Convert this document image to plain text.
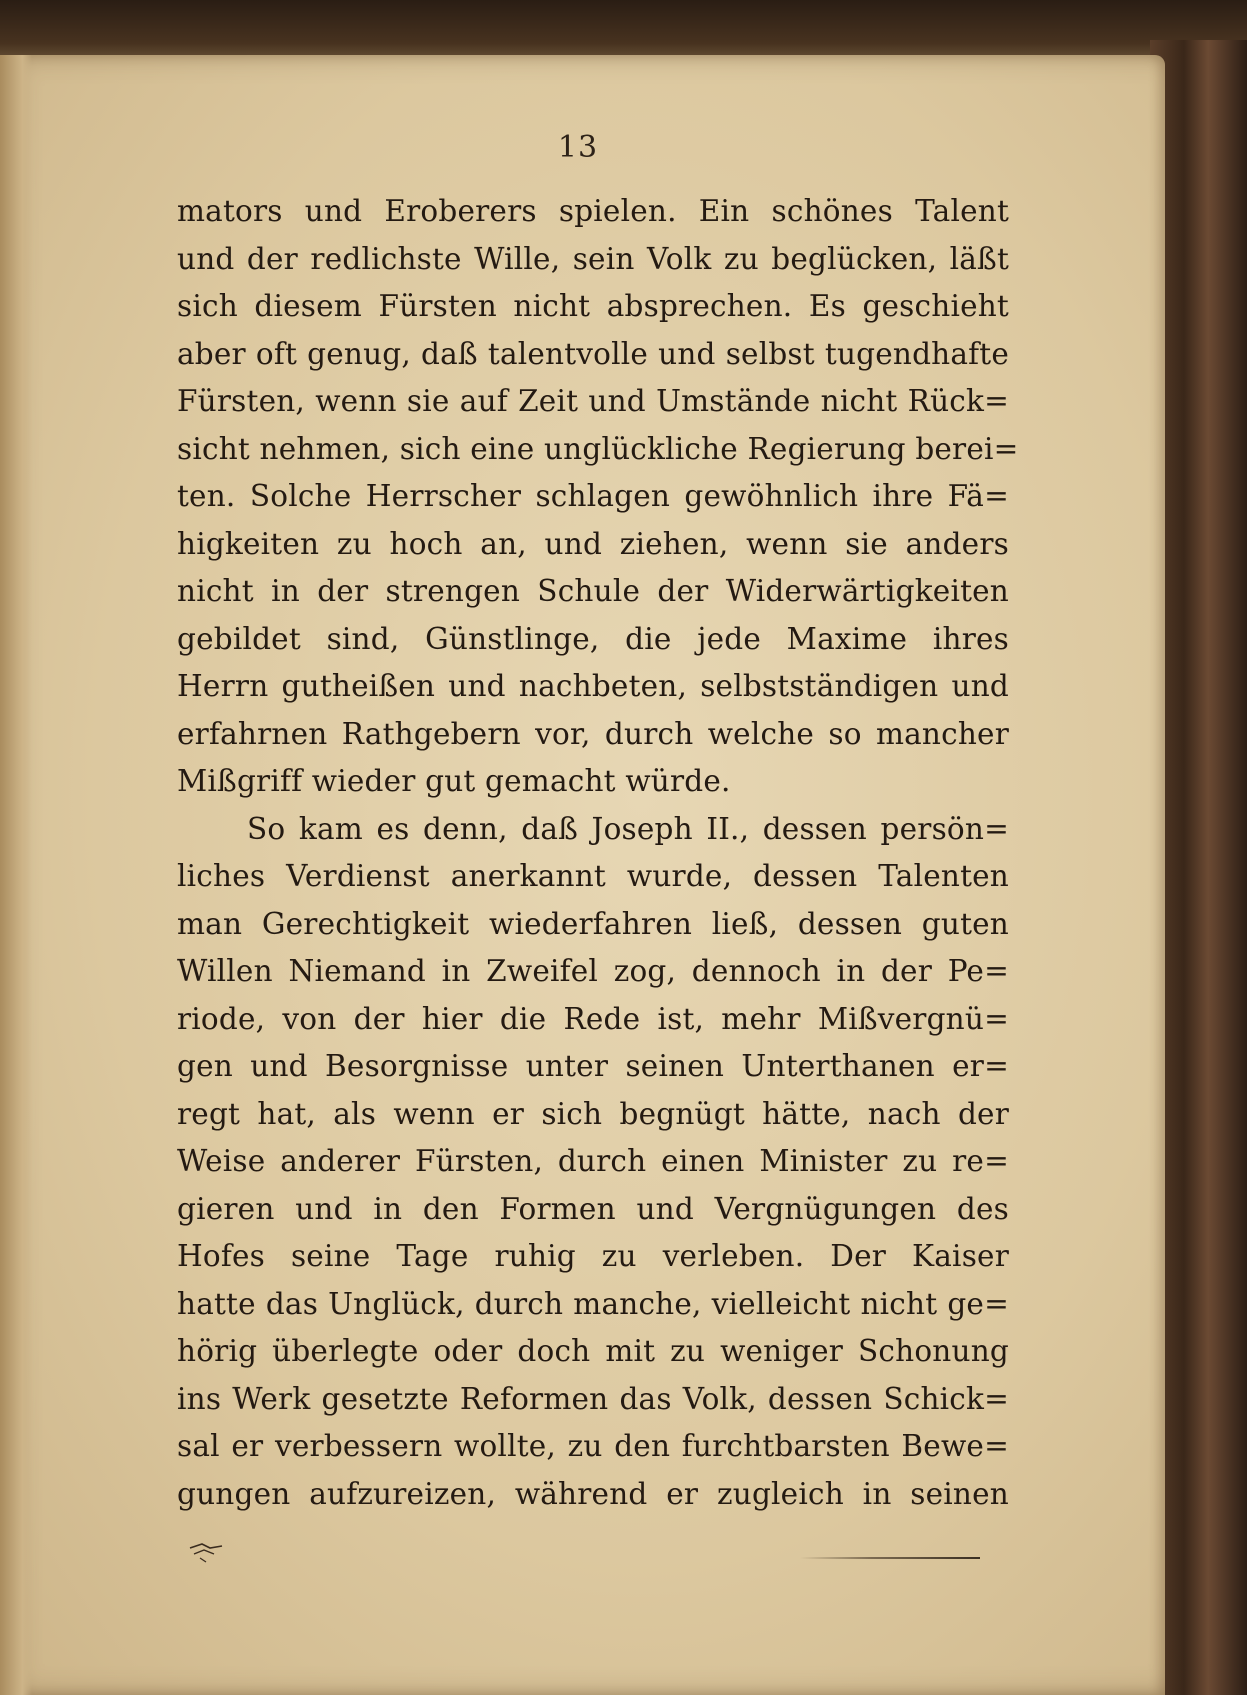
13
mators und Eroberers spielen. Ein schönes Talent
und der redlichste Wille, sein Volk zu beglücken, läßt
sich diesem Fürsten nicht absprechen. Es geschieht
aber oft genug, daß talentvolle und selbst tugendhafte
Fürsten, wenn sie auf Zeit und Umstände nicht Rück=
sicht nehmen, sich eine unglückliche Regierung berei=
ten. Solche Herrscher schlagen gewöhnlich ihre Fä=
higkeiten zu hoch an, und ziehen, wenn sie anders
nicht in der strengen Schule der Widerwärtigkeiten
gebildet sind, Günstlinge, die jede Maxime ihres
Herrn gutheißen und nachbeten, selbstständigen und
erfahrnen Rathgebern vor, durch welche so mancher
Mißgriff wieder gut gemacht würde.
So kam es denn, daß Joseph II., dessen persön=
liches Verdienst anerkannt wurde, dessen Talenten
man Gerechtigkeit wiederfahren ließ, dessen guten
Willen Niemand in Zweifel zog, dennoch in der Pe=
riode, von der hier die Rede ist, mehr Mißvergnü=
gen und Besorgnisse unter seinen Unterthanen er=
regt hat, als wenn er sich begnügt hätte, nach der
Weise anderer Fürsten, durch einen Minister zu re=
gieren und in den Formen und Vergnügungen des
Hofes seine Tage ruhig zu verleben. Der Kaiser
hatte das Unglück, durch manche, vielleicht nicht ge=
hörig überlegte oder doch mit zu weniger Schonung
ins Werk gesetzte Reformen das Volk, dessen Schick=
sal er verbessern wollte, zu den furchtbarsten Bewe=
gungen aufzureizen, während er zugleich in seinen
